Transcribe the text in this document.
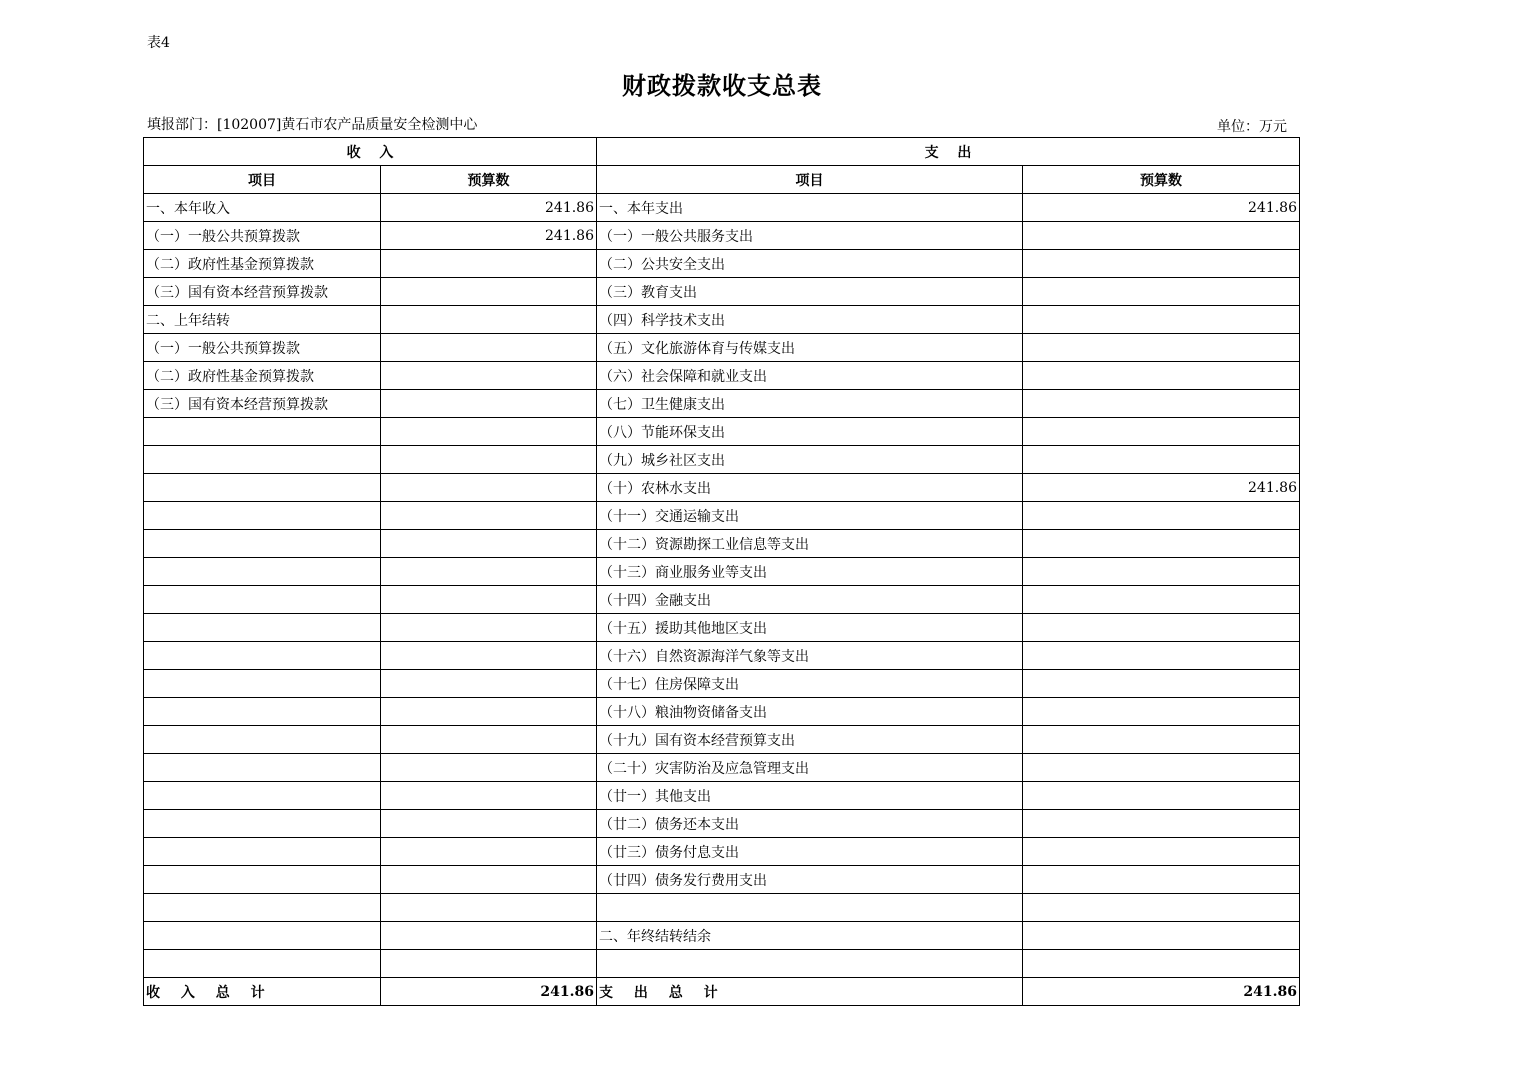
表4
财政拨款收支总表
填报部门：[102007]黄石市农产品质量安全检测中心	单位：万元
收　 入		支　 出	
项目	预算数	项目	预算数
一、本年收入	241.86	一、本年支出	241.86
（一）一般公共预算拨款	241.86	（一）一般公共服务支出	
（二）政府性基金预算拨款		（二）公共安全支出	
（三）国有资本经营预算拨款		（三）教育支出	
二、上年结转		（四）科学技术支出	
（一）一般公共预算拨款		（五）文化旅游体育与传媒支出	
（二）政府性基金预算拨款		（六）社会保障和就业支出	
（三）国有资本经营预算拨款		（七）卫生健康支出	
		（八）节能环保支出	
		（九）城乡社区支出	
		（十）农林水支出	241.86
		（十一）交通运输支出	
		（十二）资源勘探工业信息等支出	
		（十三）商业服务业等支出	
		（十四）金融支出	
		（十五）援助其他地区支出	
		（十六）自然资源海洋气象等支出	
		（十七）住房保障支出	
		（十八）粮油物资储备支出	
		（十九）国有资本经营预算支出	
		（二十）灾害防治及应急管理支出	
		（廿一）其他支出	
		（廿二）债务还本支出	
		（廿三）债务付息支出	
		（廿四）债务发行费用支出	

		二、年终结转结余	

收 入 总 计	241.86	支 出 总 计	241.86
